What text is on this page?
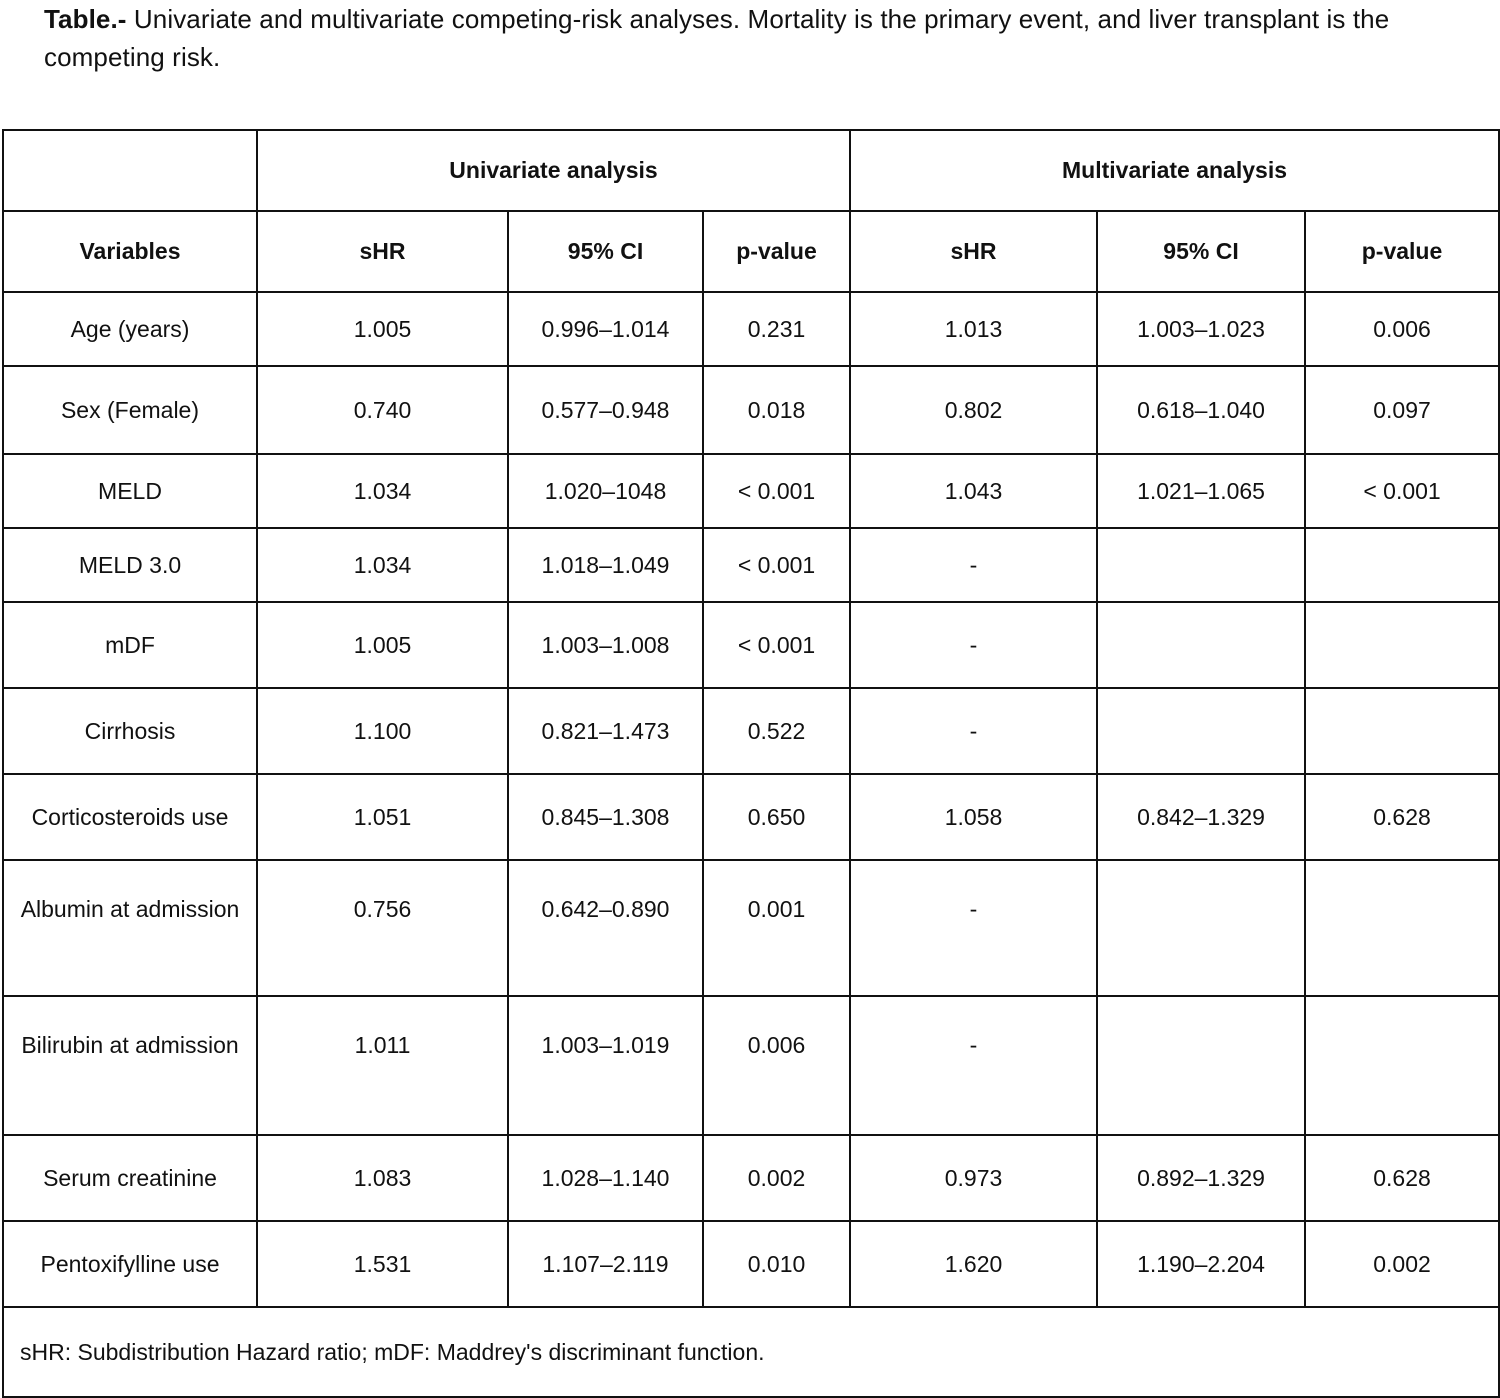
Table.- Univariate and multivariate competing-risk analyses. Mortality is the primary event, and liver transplant is the competing risk.
	Univariate analysis			Multivariate analysis		
Variables	sHR	95% CI	p-value	sHR	95% CI	p-value
Age (years)	1.005	0.996–1.014	0.231	1.013	1.003–1.023	0.006
Sex (Female)	0.740	0.577–0.948	0.018	0.802	0.618–1.040	0.097
MELD	1.034	1.020–1048	< 0.001	1.043	1.021–1.065	< 0.001
MELD 3.0	1.034	1.018–1.049	< 0.001	-		
mDF	1.005	1.003–1.008	< 0.001	-		
Cirrhosis	1.100	0.821–1.473	0.522	-		
Corticosteroids use	1.051	0.845–1.308	0.650	1.058	0.842–1.329	0.628
Albumin at admission	0.756	0.642–0.890	0.001	-		
Bilirubin at admission	1.011	1.003–1.019	0.006	-		
Serum creatinine	1.083	1.028–1.140	0.002	0.973	0.892–1.329	0.628
Pentoxifylline use	1.531	1.107–2.119	0.010	1.620	1.190–2.204	0.002
sHR: Subdistribution Hazard ratio; mDF: Maddrey's discriminant function.						
